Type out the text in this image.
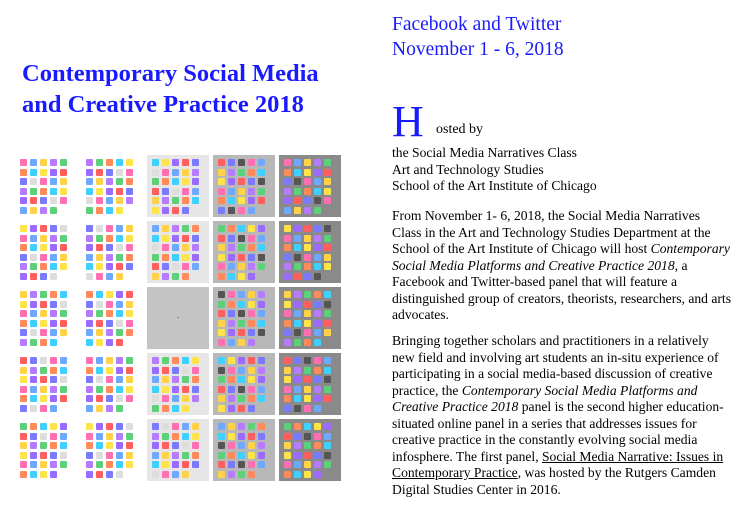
Contemporary Social Media
and Creative Practice 2018
Facebook and Twitter
November 1 - 6, 2018
H osted by
the Social Media Narratives Class
Art and Technology Studies
School of the Art Institute of Chicago
From November 1- 6, 2018, the Social Media Narratives Class in the Art and Technology Studies Department at the School of the Art Institute of Chicago will host Contemporary Social Media Platforms and Creative Practice 2018, a Facebook and Twitter-based panel that will feature a distinguished group of creators, theorists, researchers, and arts advocates.
Bringing together scholars and practitioners in a relatively new field and involving art students an in-situ experience of participating in a social media-based discussion of creative practice, the Contemporary Social Media Platforms and Creative Practice 2018 panel is the second higher education-situated online panel in a series that addresses issues for creative practice in the constantly evolving social media infosphere. The first panel, Social Media Narrative: Issues in Contemporary Practice, was hosted by the Rutgers Camden Digital Studies Center in 2016.
